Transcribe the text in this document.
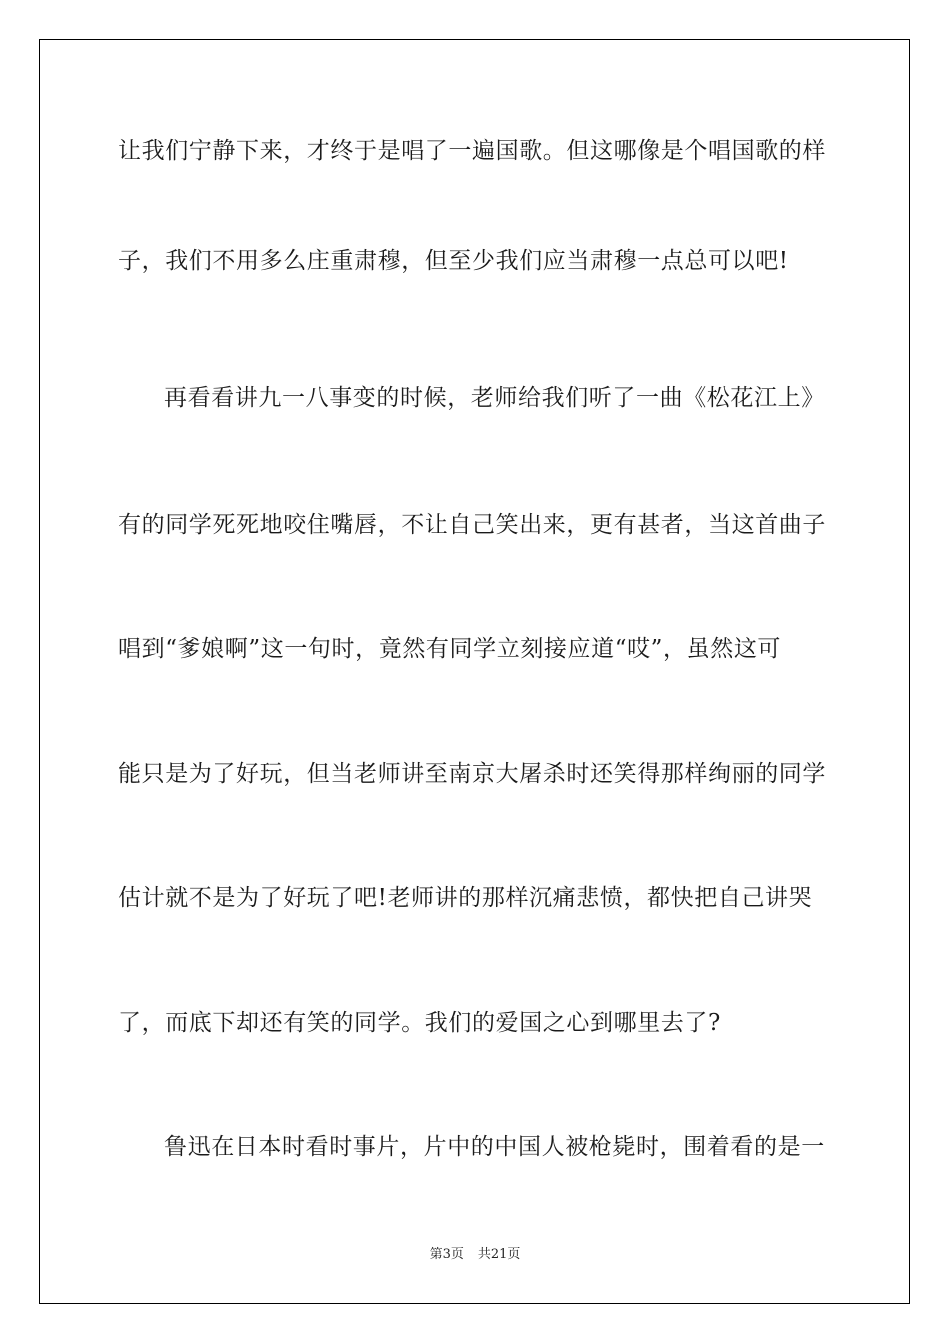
让我们宁静下来，才终于是唱了一遍国歌。但这哪像是个唱国歌的样
子，我们不用多么庄重肃穆，但至少我们应当肃穆一点总可以吧!
再看看讲九一八事变的时候，老师给我们听了一曲《松花江上》
有的同学死死地咬住嘴唇，不让自己笑出来，更有甚者，当这首曲子
唱到“爹娘啊”这一句时，竟然有同学立刻接应道“哎”，虽然这可
能只是为了好玩，但当老师讲至南京大屠杀时还笑得那样绚丽的同学
估计就不是为了好玩了吧!老师讲的那样沉痛悲愤，都快把自己讲哭
了，而底下却还有笑的同学。我们的爱国之心到哪里去了?
鲁迅在日本时看时事片，片中的中国人被枪毙时，围着看的是一
第3页 共21页
